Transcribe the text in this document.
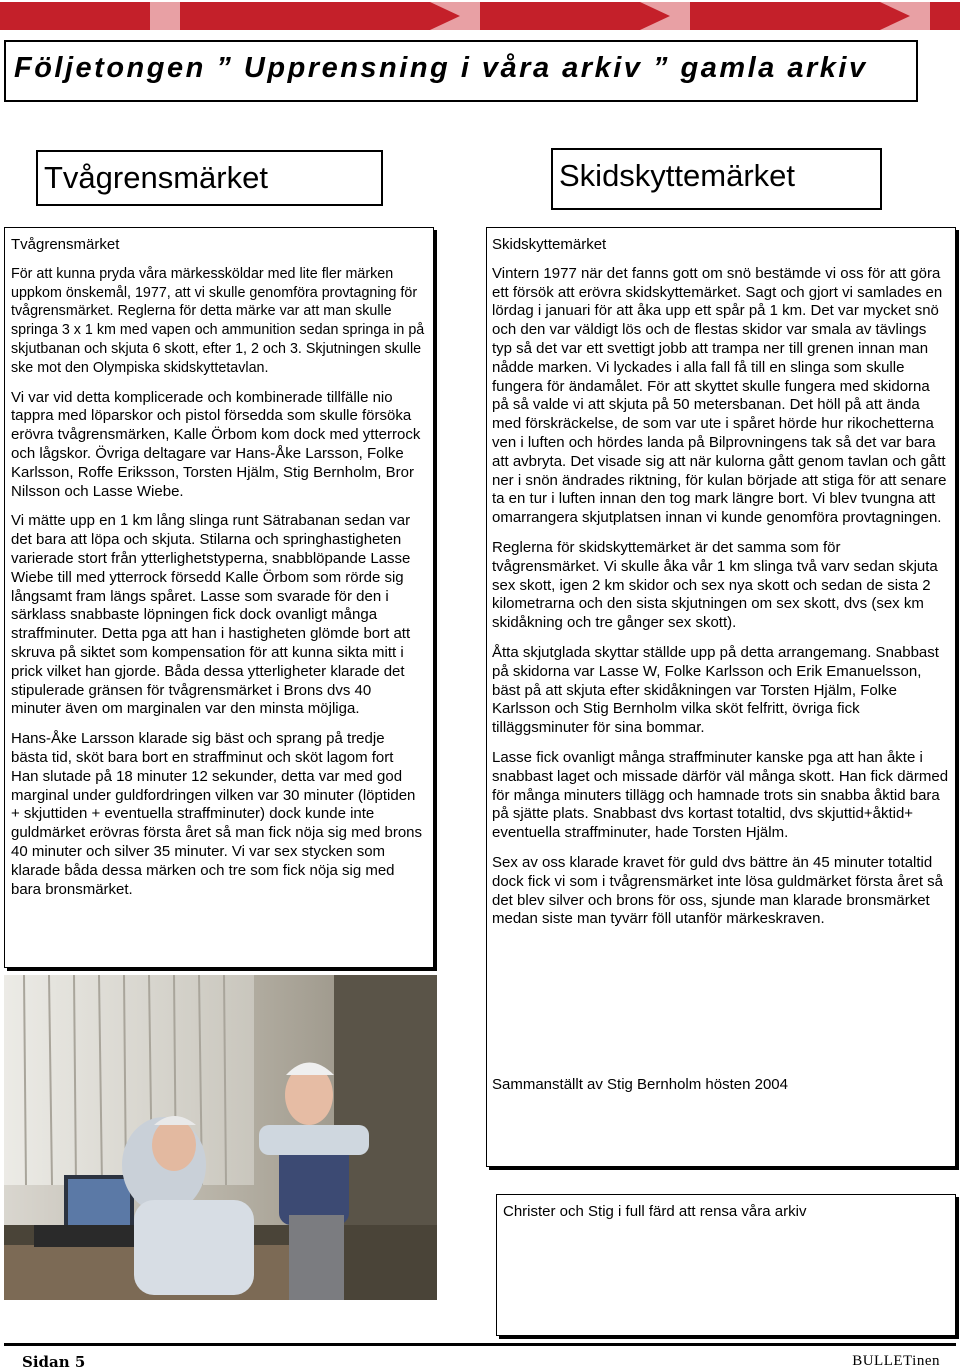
Följetongen ” Upprensning i våra arkiv ” gamla arkiv
Tvågrensmärket	Skidskyttemärket

Tvågrensmärket

För att kunna pryda våra märkessköldar med lite fler märken uppkom önskemål, 1977, att vi skulle genomföra provtagning för tvågrensmärket. Reglerna för detta märke var att man skulle springa 3 x 1 km med vapen och ammunition sedan springa in på skjutbanan och skjuta 6 skott, efter 1, 2 och 3. Skjutningen skulle ske mot den Olympiska skidskyttetavlan.

Vi var vid detta komplicerade och kombinerade tillfälle nio tappra med löparskor och pistol försedda som skulle försöka erövra tvågrensmärken, Kalle Örbom kom dock med ytterrock och lågskor. Övriga deltagare var Hans-Åke Larsson, Folke Karlsson, Roffe Eriksson, Torsten Hjälm, Stig Bernholm, Bror Nilsson och Lasse Wiebe.

Vi mätte upp en 1 km lång slinga runt Sätrabanan sedan var det bara att löpa och skjuta. Stilarna och springhastigheten varierade stort från ytterlighetstyperna, snabblöpande Lasse Wiebe till med ytterrock försedd Kalle Örbom som rörde sig långsamt fram längs spåret. Lasse som svarade för den i särklass snabbaste löpningen fick dock ovanligt många straffminuter. Detta pga att han i hastigheten glömde bort att skruva på siktet som kompensation för att kunna sikta mitt i prick vilket han gjorde. Båda dessa ytterligheter klarade det stipulerade gränsen för tvågrensmärket i Brons dvs 40 minuter även om marginalen var den minsta möjliga.

Hans-Åke Larsson klarade sig bäst och sprang på tredje bästa tid, sköt bara bort en straffminut och sköt lagom fort Han slutade på 18 minuter 12 sekunder, detta var med god marginal under guldfordringen vilken var 30 minuter (löptiden + skjuttiden + eventuella straffminuter) dock kunde inte guldmärket erövras första året så man fick nöja sig med brons 40 minuter och silver 35 minuter. Vi var sex stycken som klarade båda dessa märken och tre som fick nöja sig med bara bronsmärket.

Skidskyttemärket

Vintern 1977 när det fanns gott om snö bestämde vi oss för att göra ett försök att erövra skidskyttemärket. Sagt och gjort vi samlades en lördag i januari för att åka upp ett spår på 1 km. Det var mycket snö och den var väldigt lös och de flestas skidor var smala av tävlings typ så det var ett svettigt jobb att trampa ner till grenen innan man nådde marken. Vi lyckades i alla fall få till en slinga som skulle fungera för ändamålet. För att skyttet skulle fungera med skidorna på så valde vi att skjuta på 50 metersbanan. Det höll på att ända med förskräckelse, de som var ute i spåret hörde hur rikochetterna ven i luften och hördes landa på Bilprovningens tak så det var bara att avbryta. Det visade sig att när kulorna gått genom tavlan och gått ner i snön ändrades riktning, för kulan började att stiga för att senare ta en tur i luften innan den tog mark längre bort. Vi blev tvungna att omarrangera skjutplatsen innan vi kunde genomföra provtagningen.

Reglerna för skidskyttemärket är det samma som för tvågrensmärket. Vi skulle åka vår 1 km slinga två varv sedan skjuta sex skott, igen 2 km skidor och sex nya skott och sedan de sista 2 kilometrarna och den sista skjutningen om sex skott, dvs (sex km skidåkning och tre gånger sex skott).

Åtta skjutglada skyttar ställde upp på detta arrangemang. Snabbast på skidorna var Lasse W, Folke Karlsson och Erik Emanuelsson, bäst på att skjuta efter skidåkningen var Torsten Hjälm, Folke Karlsson och Stig Bernholm vilka sköt felfritt, övriga fick tilläggsminuter för sina bommar.

Lasse fick ovanligt många straffminuter kanske pga att han åkte i snabbast laget och missade därför väl många skott. Han fick därmed för många minuters tillägg och hamnade trots sin snabba åktid bara på sjätte plats. Snabbast dvs kortast totaltid, dvs skjuttid+åktid+ eventuella straffminuter, hade Torsten Hjälm.

Sex av oss klarade kravet för guld dvs bättre än 45 minuter totaltid dock fick vi som i tvågrensmärket inte lösa guldmärket första året så det blev silver och brons för oss, sjunde man klarade bronsmärket medan siste man tyvärr föll utanför märkeskraven.

Sammanställt av Stig Bernholm hösten 2004
Christer och Stig i full färd att rensa våra arkiv
Sidan 5	BULLETinen
